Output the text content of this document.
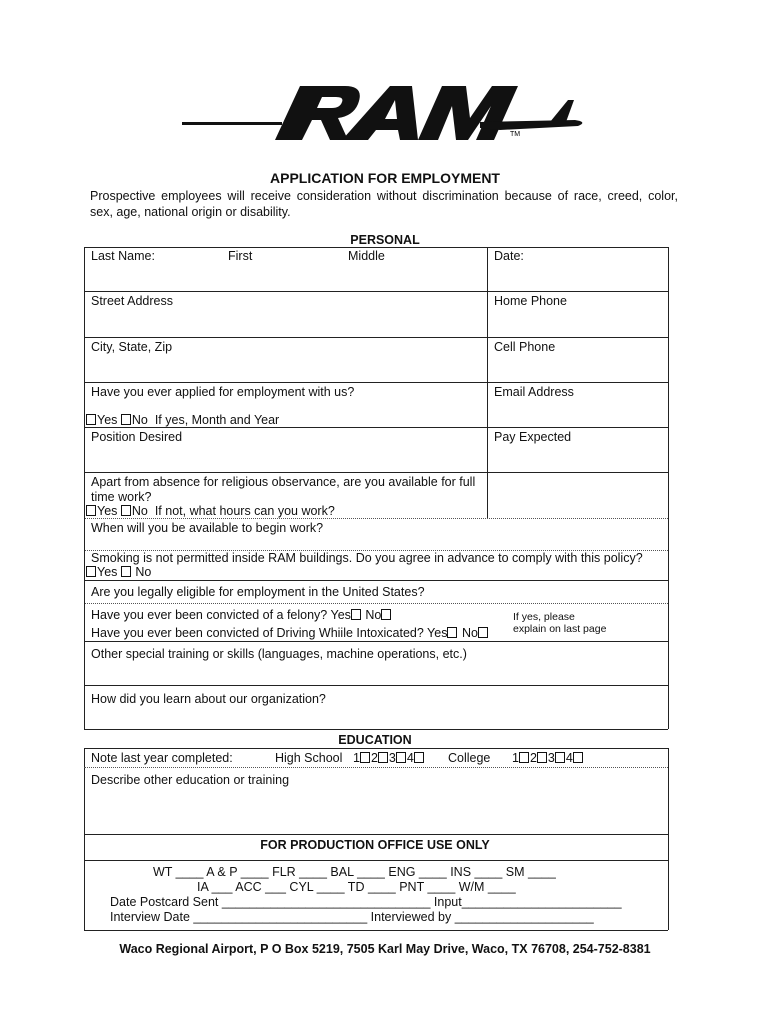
TM
APPLICATION FOR EMPLOYMENT
Prospective employees will receive consideration without discrimination because of race, creed, color, sex, age, national origin or disability.
PERSONAL
Last Name:	First	Middle	Date:
Street Address	Home Phone
City, State, Zip	Cell Phone
Have you ever applied for employment with us?	Email Address
Yes No If yes, Month and Year
Position Desired	Pay Expected
Apart from absence for religious observance, are you available for full
time work?
Yes No If not, what hours can you work?
When will you be available to begin work?
Smoking is not permitted inside RAM buildings. Do you agree in advance to comply with this policy?
Yes No
Are you legally eligible for employment in the United States?
Have you ever been convicted of a felony? Yes No
Have you ever been convicted of Driving Whiile Intoxicated? Yes No
If yes, please
explain on last page
Other special training or skills (languages, machine operations, etc.)
How did you learn about our organization?
EDUCATION
Note last year completed:	High School 1 2 3 4	College 1 2 3 4
Describe other education or training
FOR PRODUCTION OFFICE USE ONLY
WT ____ A & P ____ FLR ____ BAL ____ ENG ____ INS ____ SM ____
IA ___ ACC ___ CYL ____ TD ____ PNT ____ W/M ____
Date Postcard Sent ______________________________ Input_______________________
Interview Date _________________________ Interviewed by ____________________
Waco Regional Airport, P O Box 5219, 7505 Karl May Drive, Waco, TX 76708, 254-752-8381
